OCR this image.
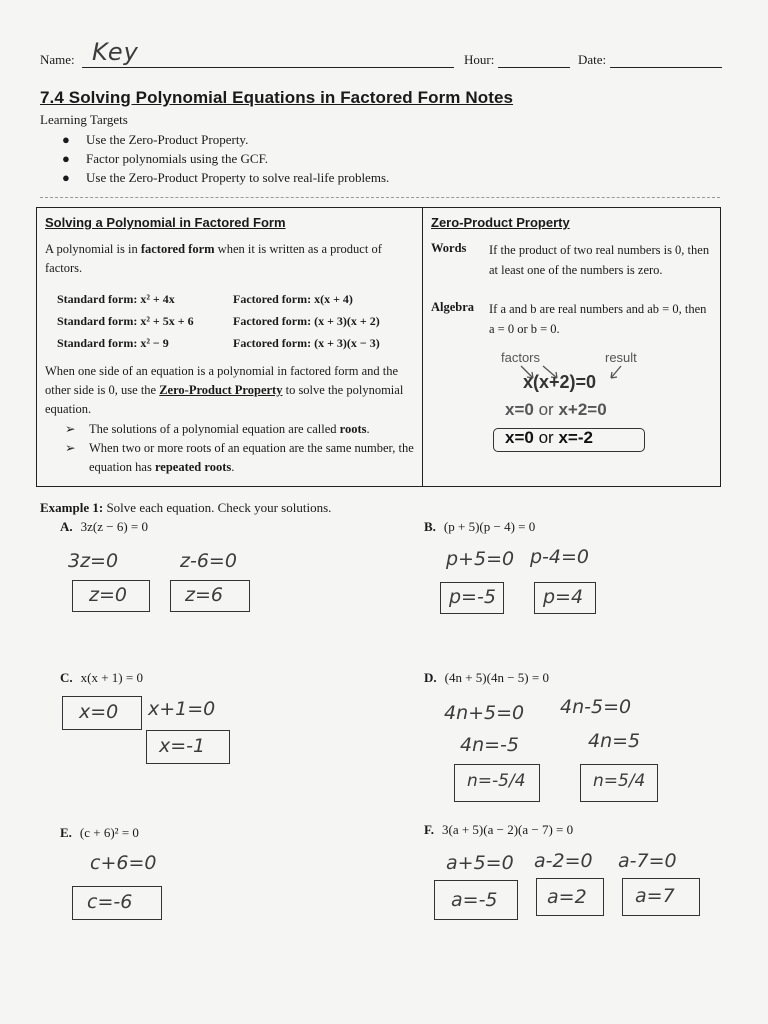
Name: Key	Hour:	Date:
7.4 Solving Polynomial Equations in Factored Form Notes
Learning Targets
● Use the Zero-Product Property.
● Factor polynomials using the GCF.
● Use the Zero-Product Property to solve real-life problems.
Solving a Polynomial in Factored Form
A polynomial is in factored form when it is written as a product of factors.
Standard form: x² + 4x	Factored form: x(x + 4)
Standard form: x² + 5x + 6	Factored form: (x + 3)(x + 2)
Standard form: x² − 9	Factored form: (x + 3)(x − 3)
When one side of an equation is a polynomial in factored form and the other side is 0, use the Zero-Product Property to solve the polynomial equation.
➢ The solutions of a polynomial equation are called roots.
➢ When two or more roots of an equation are the same number, the equation has repeated roots.
Zero-Product Property
Words If the product of two real numbers is 0, then at least one of the numbers is zero.
Algebra If a and b are real numbers and ab = 0, then a = 0 or b = 0.
factors	result
x(x+2)=0
x=0 or x+2=0
x=0 or x=-2
Example 1: Solve each equation. Check your solutions.
A. 3z(z − 6) = 0
3z=0	z-6=0
z=0	z=6
B. (p + 5)(p − 4) = 0
p+5=0 p-4=0
p=-5 p=4
C. x(x + 1) = 0
x=0 x+1=0
x=-1
D. (4n + 5)(4n − 5) = 0
4n+5=0 4n-5=0
4n=-5	4n=5
n=-5/4	n=5/4
E. (c + 6)² = 0
c+6=0
c=-6
F. 3(a + 5)(a − 2)(a − 7) = 0
a+5=0 a-2=0 a-7=0
a=-5	a=2	a=7
